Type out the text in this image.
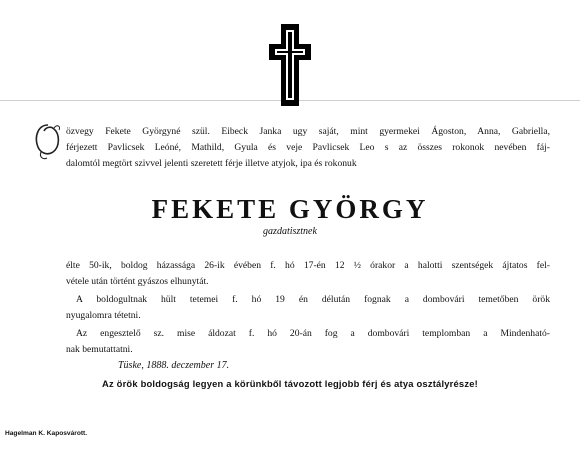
özvegy Fekete Györgyné szül. Eibeck Janka ugy saját, mint gyermekei Ágoston, Anna, Gabriella,

férjezett Pavlicsek Leóné, Mathild, Gyula és veje Pavlicsek Leo s az összes rokonok nevében fáj-

dalomtól megtört szivvel jelenti szeretett férje illetve atyjok, ipa és rokonuk

FEKETE GYÖRGY
gazdatisztnek

élte 50-ik, boldog házassága 26-ik évében f. hó 17-én 12 ½ órakor a halotti szentségek ájtatos fel-

vétele után történt gyászos elhunytát.

A boldogultnak hült tetemei f. hó 19 én délután fognak a dombovári temetőben örök

nyugalomra tétetni.

Az engesztelő sz. mise áldozat f. hó 20-án fog a dombovári templomban a Mindenható-

nak bemutattatni.

Tüske, 1888. deczember 17.
Az örök boldogság legyen a körünkből távozott legjobb férj és atya osztályrésze!
Hagelman K. Kaposvárott.
